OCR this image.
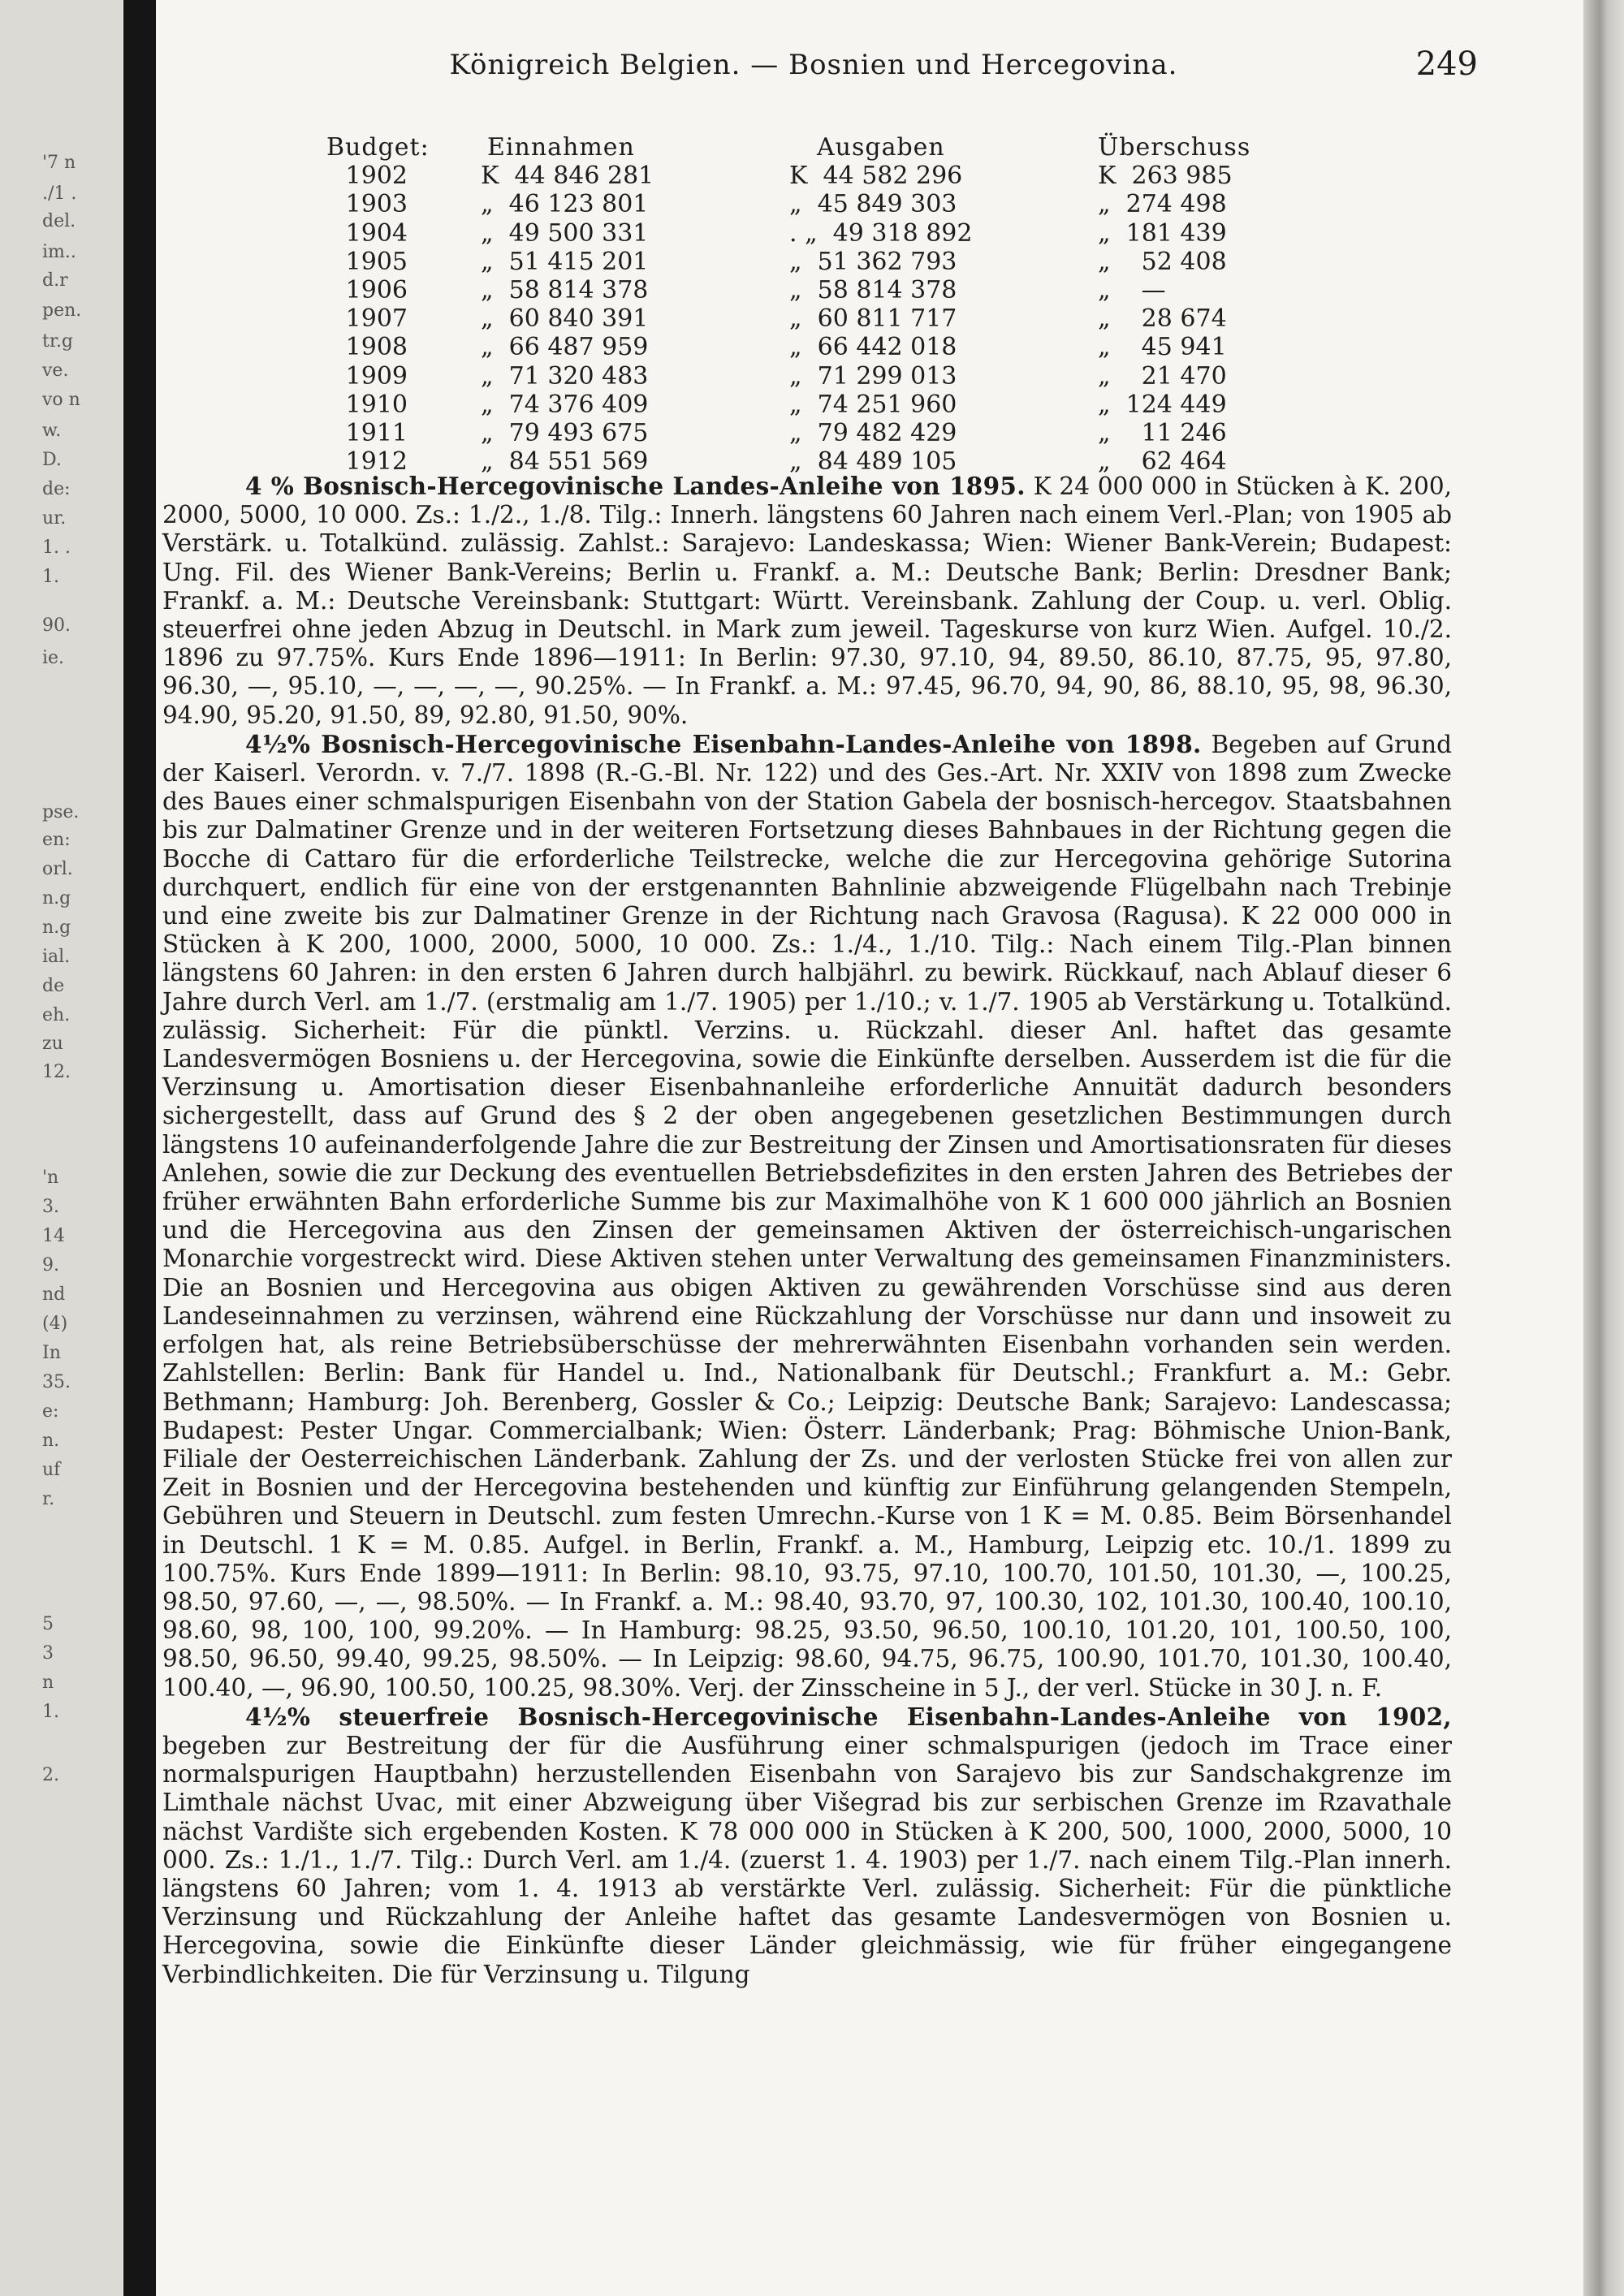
'7 n
./1 .
del.
im..
d.r
pen.
tr.g
ve.
vo n
w.
D.
de:
ur.
1. .
1.
90.
ie.
pse.
en:
orl.
n.g
n.g
ial.
de
eh.
zu
12.
'n
3.
14
9.
nd
(4)
In
35.
e:
n.
uf
r.
5
3
n
1.
2.
Königreich Belgien. — Bosnien und Hercegovina.	249
Budget: Einnahmen	Ausgaben	Überschuss
1902	K  44 846 281	K  44 582 296	K  263 985
1903	„  46 123 801	„  45 849 303	„  274 498
1904	„  49 500 331	. „  49 318 892	„  181 439
1905	„  51 415 201	„  51 362 793	„    52 408
1906	„  58 814 378	„  58 814 378	„    —
1907	„  60 840 391	„  60 811 717	„    28 674
1908	„  66 487 959	„  66 442 018	„    45 941
1909	„  71 320 483	„  71 299 013	„    21 470
1910	„  74 376 409	„  74 251 960	„  124 449
1911	„  79 493 675	„  79 482 429	„    11 246
1912	„  84 551 569	„  84 489 105	„    62 464

4 % Bosnisch-Hercegovinische Landes-Anleihe von 1895. K 24 000 000 in Stücken à K. 200, 2000, 5000, 10 000. Zs.: 1./2., 1./8. Tilg.: Innerh. längstens 60 Jahren nach einem Verl.-Plan; von 1905 ab Verstärk. u. Totalkünd. zulässig. Zahlst.: Sarajevo: Landeskassa; Wien: Wiener Bank-Verein; Budapest: Ung. Fil. des Wiener Bank-Vereins; Berlin u. Frankf. a. M.: Deutsche Bank; Berlin: Dresdner Bank; Frankf. a. M.: Deutsche Vereinsbank: Stuttgart: Württ. Vereinsbank. Zahlung der Coup. u. verl. Oblig. steuerfrei ohne jeden Abzug in Deutschl. in Mark zum jeweil. Tageskurse von kurz Wien. Aufgel. 10./2. 1896 zu 97.75%. Kurs Ende 1896—1911: In Berlin: 97.30, 97.10, 94, 89.50, 86.10, 87.75, 95, 97.80, 96.30, —, 95.10, —, —, —, —, 90.25%. — In Frankf. a. M.: 97.45, 96.70, 94, 90, 86, 88.10, 95, 98, 96.30, 94.90, 95.20, 91.50, 89, 92.80, 91.50, 90%.

4½% Bosnisch-Hercegovinische Eisenbahn-Landes-Anleihe von 1898. Begeben auf Grund der Kaiserl. Verordn. v. 7./7. 1898 (R.-G.-Bl. Nr. 122) und des Ges.-Art. Nr. XXIV von 1898 zum Zwecke des Baues einer schmalspurigen Eisenbahn von der Station Gabela der bosnisch-hercegov. Staatsbahnen bis zur Dalmatiner Grenze und in der weiteren Fortsetzung dieses Bahnbaues in der Richtung gegen die Bocche di Cattaro für die erforderliche Teilstrecke, welche die zur Hercegovina gehörige Sutorina durchquert, endlich für eine von der erstgenannten Bahnlinie abzweigende Flügelbahn nach Trebinje und eine zweite bis zur Dalmatiner Grenze in der Richtung nach Gravosa (Ragusa). K 22 000 000 in Stücken à K 200, 1000, 2000, 5000, 10 000. Zs.: 1./4., 1./10. Tilg.: Nach einem Tilg.-Plan binnen längstens 60 Jahren: in den ersten 6 Jahren durch halbjährl. zu bewirk. Rückkauf, nach Ablauf dieser 6 Jahre durch Verl. am 1./7. (erstmalig am 1./7. 1905) per 1./10.; v. 1./7. 1905 ab Verstärkung u. Totalkünd. zulässig. Sicherheit: Für die pünktl. Verzins. u. Rückzahl. dieser Anl. haftet das gesamte Landesvermögen Bosniens u. der Hercegovina, sowie die Einkünfte derselben. Ausserdem ist die für die Verzinsung u. Amortisation dieser Eisenbahnanleihe erforderliche Annuität dadurch besonders sichergestellt, dass auf Grund des § 2 der oben angegebenen gesetzlichen Bestimmungen durch längstens 10 aufeinanderfolgende Jahre die zur Bestreitung der Zinsen und Amortisationsraten für dieses Anlehen, sowie die zur Deckung des eventuellen Betriebsdefizites in den ersten Jahren des Betriebes der früher erwähnten Bahn erforderliche Summe bis zur Maximalhöhe von K 1 600 000 jährlich an Bosnien und die Hercegovina aus den Zinsen der gemeinsamen Aktiven der österreichisch-ungarischen Monarchie vorgestreckt wird. Diese Aktiven stehen unter Verwaltung des gemeinsamen Finanzministers. Die an Bosnien und Hercegovina aus obigen Aktiven zu gewährenden Vorschüsse sind aus deren Landeseinnahmen zu verzinsen, während eine Rückzahlung der Vorschüsse nur dann und insoweit zu erfolgen hat, als reine Betriebsüberschüsse der mehrerwähnten Eisenbahn vorhanden sein werden. Zahlstellen: Berlin: Bank für Handel u. Ind., Nationalbank für Deutschl.; Frankfurt a. M.: Gebr. Bethmann; Hamburg: Joh. Berenberg, Gossler & Co.; Leipzig: Deutsche Bank; Sarajevo: Landescassa; Budapest: Pester Ungar. Commercialbank; Wien: Österr. Länderbank; Prag: Böhmische Union-Bank, Filiale der Oesterreichischen Länderbank. Zahlung der Zs. und der verlosten Stücke frei von allen zur Zeit in Bosnien und der Hercegovina bestehenden und künftig zur Einführung gelangenden Stempeln, Gebühren und Steuern in Deutschl. zum festen Umrechn.-Kurse von 1 K = M. 0.85. Beim Börsenhandel in Deutschl. 1 K = M. 0.85. Aufgel. in Berlin, Frankf. a. M., Hamburg, Leipzig etc. 10./1. 1899 zu 100.75%. Kurs Ende 1899—1911: In Berlin: 98.10, 93.75, 97.10, 100.70, 101.50, 101.30, —, 100.25, 98.50, 97.60, —, —, 98.50%. — In Frankf. a. M.: 98.40, 93.70, 97, 100.30, 102, 101.30, 100.40, 100.10, 98.60, 98, 100, 100, 99.20%. — In Hamburg: 98.25, 93.50, 96.50, 100.10, 101.20, 101, 100.50, 100, 98.50, 96.50, 99.40, 99.25, 98.50%. — In Leipzig: 98.60, 94.75, 96.75, 100.90, 101.70, 101.30, 100.40, 100.40, —, 96.90, 100.50, 100.25, 98.30%. Verj. der Zinsscheine in 5 J., der verl. Stücke in 30 J. n. F.

4½% steuerfreie Bosnisch-Hercegovinische Eisenbahn-Landes-Anleihe von 1902, begeben zur Bestreitung der für die Ausführung einer schmalspurigen (jedoch im Trace einer normalspurigen Hauptbahn) herzustellenden Eisenbahn von Sarajevo bis zur Sandschakgrenze im Limthale nächst Uvac, mit einer Abzweigung über Višegrad bis zur serbischen Grenze im Rzavathale nächst Vardište sich ergebenden Kosten. K 78 000 000 in Stücken à K 200, 500, 1000, 2000, 5000, 10 000. Zs.: 1./1., 1./7. Tilg.: Durch Verl. am 1./4. (zuerst 1. 4. 1903) per 1./7. nach einem Tilg.-Plan innerh. längstens 60 Jahren; vom 1. 4. 1913 ab verstärkte Verl. zulässig. Sicherheit: Für die pünktliche Verzinsung und Rückzahlung der Anleihe haftet das gesamte Landesvermögen von Bosnien u. Hercegovina, sowie die Einkünfte dieser Länder gleichmässig, wie für früher eingegangene Verbindlichkeiten. Die für Verzinsung u. Tilgung
